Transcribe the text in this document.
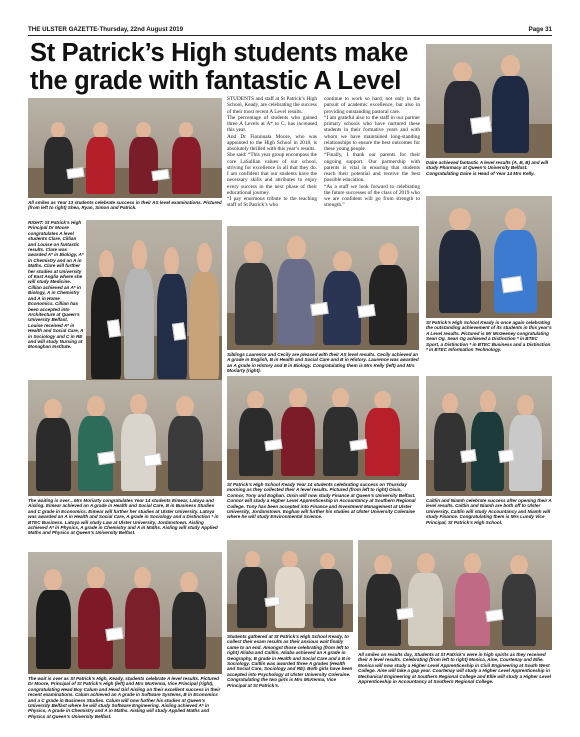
THE ULSTER GAZETTE-Thursday, 22nd August 2019	Page 31
St Patrick’s High students make the grade with fantastic A Level
All smiles as Year 13 students celebrate success in their AS level examinations. Pictured (from left to right) Shea, Ryan, Simon and Patrick.

STUDENTS and staff at St Patrick’s High School, Keady, are celebrating the success of their most recent A Level results.

The percentage of students who gained three A Levels at A* to C, has increased this year.

And Dr Fionnuala Moore, who was appointed to the High School in 2018, is absolutely thrilled with this year’s results.

She said: “This year group encompass the core LaSallian values of our school, striving for excellence in all that they do. I am confident that our students have the necessary skills and attributes to enjoy every success in the next phase of their educational journey.

“I pay enormous tribute to the teaching staff of St Patrick’s who

continue to work so hard, not only in the pursuit of academic excellence, but also in providing outstanding pastoral care.

“I am grateful also to the staff in our partner primary schools who have nurtured these students in their formative years and with whom we have maintained long-standing relationships to ensure the best outcomes for these young people.

“Finally, I thank our parents for their ongoing support. Our partnership with parents is vital in ensuring that students reach their potential and receive the best possible education.

“As a staff we look forward to celebrating the future successes of the class of 2019 who we are confident will go from strength to strength.”

Daire achieved fantastic A level results (A, B, B) and will study Pharmacy at Queen’s University Belfast. Congratulating Daire is Head of Year 14 Mrs Kelly.
RIGHT: St Patrick’s High Principal Dr Moore congratulates A level students Clare, Cillian and Louise on fantastic results. Clare was awarded A* in Biology, A* in Chemistry and an A in Maths. Clare will further her studies at University of East Anglia where she will study Medicine. Cillian achieved an A* in Biology, A in Chemistry and A in Home Economics. Cillian has been accepted into Architecture at Queen’s University Belfast. Louise received A* in Health and Social Care, A in Sociology and C in RE and will study Nursing at Monaghan Institute.
Siblings Laurence and Cecily are pleased with their AS level results. Cecily achieved an A grade in English, B in Health and Social Care and B in History. Laurence was awarded an A grade in History and B in Biology. Congratulating them is Mrs Kelly (left) and Mrs Moriarty (right).
St Patrick’s High School Keady is once again celebrating the outstanding achievement of its students in this year’s A Level results. Pictured is Mr McGeeney congratulating Sean Og. Sean Og achieved a Distinction * in BTEC Sport, a Distinction * in BTEC Business and a Distinction * in BTEC Information Technology.
The waiting is over…Mrs Moriarty congratulates Year 14 students Eimear, Latoya and Aisling. Eimear achieved an A grade in Health and Social Care, B in Business Studies and C grade in Economics. Eimear will further her studies at Ulster University. Latoya was awarded an A in Health and Social Care, A grade in Sociology and a Distinction * in BTEC Business. Latoya will study Law at Ulster University, Jordanstown. Aisling achieved A* in Physics, A grade in Chemistry and A in Maths. Aisling will study Applied Maths and Physics at Queen’s University Belfast.
St Patrick’s High School Keady Year 14 students celebrating success on Thursday morning as they collected their A level results. Pictured (from left to right) Oisin, Connor, Tony and Eoghan. Oisin will now study Finance at Queen’s University Belfast. Connor will study a Higher Level Apprenticeship in Accountancy at Southern Regional College. Tony has been accepted into Finance and Investment Management at Ulster University, Jordanstown. Eoghan will further his studies at Ulster University Coleraine where he will study Environmental Science.
Caitlin and Niamh celebrate success after opening their A level results. Caitlin and Niamh are both off to Ulster University. Caitlin will study Accountancy and Niamh will study Finance. Congratulating them is Mrs Lundy Vice Principal, St Patrick’s High School.
The wait is over as St Patrick’s High, Keady, students celebrate A level results. Pictured Dr Moore, Principal of St Patrick’s High (left) and Mrs McKenna, Vice Principal (right), congratulating Head Boy Calum and Head Girl Aisling on their excellent success in their recent examinations. Calum achieved an A grade in Software Systems, B in Economics and a C grade in Business Studies. Calum will now further his studies at Queen’s University Belfast where he will study Software Engineering. Aisling achieved A* in Physics, A grade in Chemistry and A in Maths. Aisling will study Applied Maths and Physics at Queen’s University Belfast.
Students gathered at St Patrick’s High School Keady, to collect their exam results as their anxious wait finally came to an end. Amongst those celebrating (from left to right) Aliaba and Caitlin. Aliaba achieved an A grade in Geography, B grade in Health and Social Care and a B in Sociology. Caitlin was awarded three A grades (Health and Social Care, Sociology and RE). Both girls have been accepted into Psychology at Ulster University Coleraine. Congratulating the two girls is Mrs McKenna, Vice Principal at St Patrick’s.
All smiles on results day, Students at St Patrick’s were in high spirits as they received their A level results. Celebrating (from left to right) Monica, Aine, Courtenay and Ellie. Monica will now study a Higher Level Apprenticeship in Civil Engineering at South West College. Aine will take a gap year. Courtenay will study a Higher Level Apprenticeship in Mechanical Engineering at Southern Regional College and Ellie will study a Higher Level Apprenticeship in Accountancy at Southern Regional College.
